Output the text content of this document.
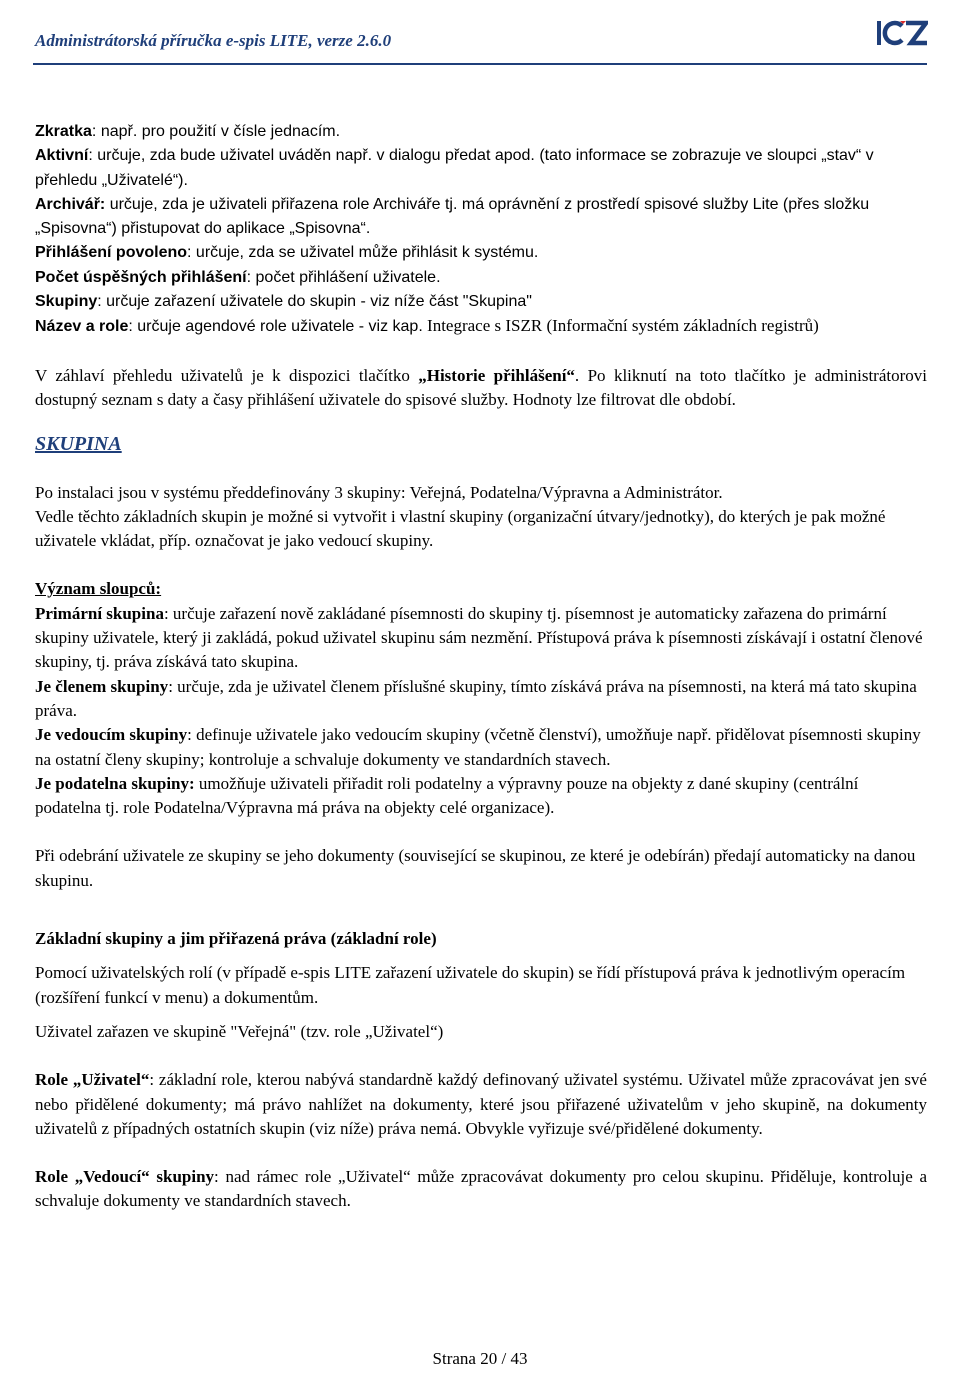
Administrátorská příručka e-spis LITE, verze 2.6.0

Zkratka: např. pro použití v čísle jednacím.

Aktivní: určuje, zda bude uživatel uváděn např. v dialogu předat apod. (tato informace se zobrazuje ve sloupci „stav“ v přehledu „Uživatelé“).

Archivář: určuje, zda je uživateli přiřazena role Archiváře tj. má oprávnění z prostředí spisové služby Lite (přes složku „Spisovna“) přistupovat do aplikace „Spisovna“.

Přihlášení povoleno: určuje, zda se uživatel může přihlásit k systému.

Počet úspěšných přihlášení: počet přihlášení uživatele.

Skupiny: určuje zařazení uživatele do skupin - viz níže část "Skupina"

Název a role: určuje agendové role uživatele - viz kap. Integrace s ISZR (Informační systém základních registrů)

V záhlaví přehledu uživatelů je k dispozici tlačítko „Historie přihlášení“. Po kliknutí na toto tlačítko je administrátorovi dostupný seznam s daty a časy přihlášení uživatele do spisové služby. Hodnoty lze filtrovat dle období.

SKUPINA

Po instalaci jsou v systému předdefinovány 3 skupiny: Veřejná, Podatelna/Výpravna a Administrátor.

Vedle těchto základních skupin je možné si vytvořit i vlastní skupiny (organizační útvary/jednotky), do kterých je pak možné uživatele vkládat, příp. označovat je jako vedoucí skupiny.

Význam sloupců:

Primární skupina: určuje zařazení nově zakládané písemnosti do skupiny tj. písemnost je automaticky zařazena do primární skupiny uživatele, který ji zakládá, pokud uživatel skupinu sám nezmění. Přístupová práva k písemnosti získávají i ostatní členové skupiny, tj. práva získává tato skupina.

Je členem skupiny: určuje, zda je uživatel členem příslušné skupiny, tímto získává práva na písemnosti, na která má tato skupina práva.

Je vedoucím skupiny: definuje uživatele jako vedoucím skupiny (včetně členství), umožňuje např. přidělovat písemnosti skupiny na ostatní členy skupiny; kontroluje a schvaluje dokumenty ve standardních stavech.

Je podatelna skupiny: umožňuje uživateli přiřadit roli podatelny a výpravny pouze na objekty z dané skupiny (centrální podatelna tj. role Podatelna/Výpravna má práva na objekty celé organizace).

Při odebrání uživatele ze skupiny se jeho dokumenty (související se skupinou, ze které je odebírán) předají automaticky na danou skupinu.

Základní skupiny a jim přiřazená práva (základní role)

Pomocí uživatelských rolí (v případě e-spis LITE zařazení uživatele do skupin) se řídí přístupová práva k jednotlivým operacím (rozšíření funkcí v menu) a dokumentům.

Uživatel zařazen ve skupině "Veřejná" (tzv. role „Uživatel“)

Role „Uživatel“: základní role, kterou nabývá standardně každý definovaný uživatel systému. Uživatel může zpracovávat jen své nebo přidělené dokumenty; má právo nahlížet na dokumenty, které jsou přiřazené uživatelům v jeho skupině, na dokumenty uživatelů z případných ostatních skupin (viz níže) práva nemá. Obvykle vyřizuje své/přidělené dokumenty.

Role „Vedoucí“ skupiny: nad rámec role „Uživatel“ může zpracovávat dokumenty pro celou skupinu. Přiděluje, kontroluje a schvaluje dokumenty ve standardních stavech.

Strana 20 / 43
